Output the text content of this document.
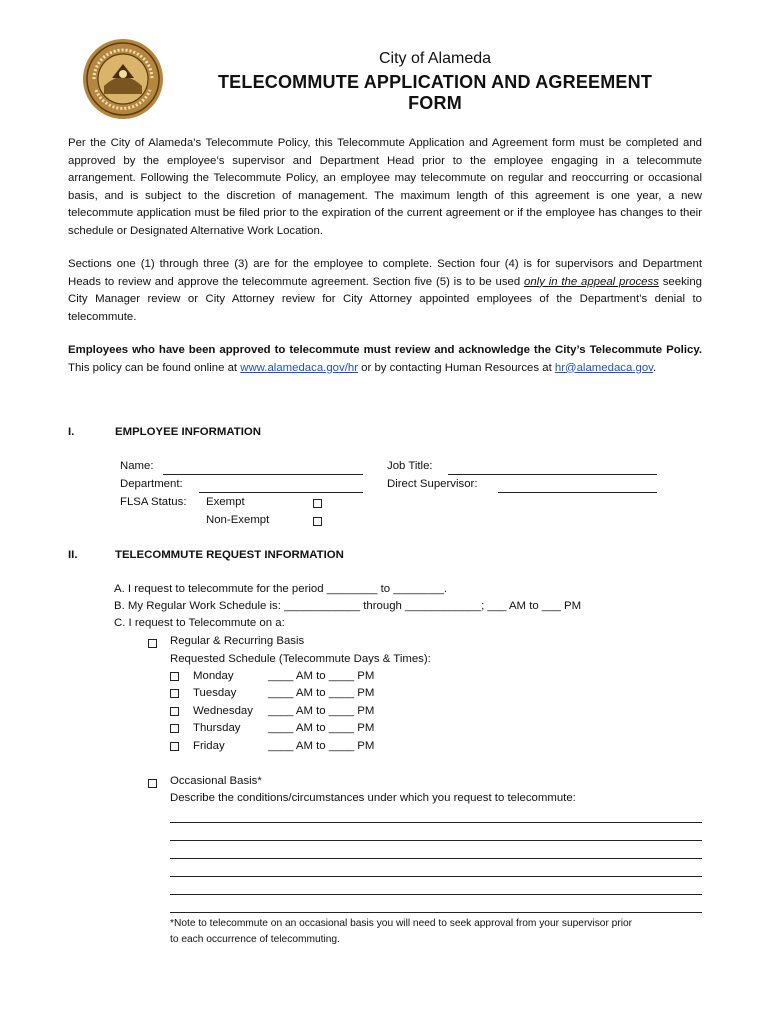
City of Alameda
TELECOMMUTE APPLICATION AND AGREEMENT FORM

Per the City of Alameda’s Telecommute Policy, this Telecommute Application and Agreement form must be completed and approved by the employee’s supervisor and Department Head prior to the employee engaging in a telecommute arrangement. Following the Telecommute Policy, an employee may telecommute on regular and reoccurring or occasional basis, and is subject to the discretion of management. The maximum length of this agreement is one year, a new telecommute application must be filed prior to the expiration of the current agreement or if the employee has changes to their schedule or Designated Alternative Work Location.

Sections one (1) through three (3) are for the employee to complete. Section four (4) is for supervisors and Department Heads to review and approve the telecommute agreement. Section five (5) is to be used only in the appeal process seeking City Manager review or City Attorney review for City Attorney appointed employees of the Department’s denial to telecommute.

Employees who have been approved to telecommute must review and acknowledge the City’s Telecommute Policy. This policy can be found online at www.alamedaca.gov/hr or by contacting Human Resources at hr@alamedaca.gov.

I.	EMPLOYEE INFORMATION
Name:	Job Title:
Department:	Direct Supervisor:
FLSA Status: Exempt
Non-Exempt
II.	TELECOMMUTE REQUEST INFORMATION
A. I request to telecommute for the period ________ to ________.
B. My Regular Work Schedule is: ____________ through ____________; ___ AM to ___ PM
C. I request to Telecommute on a:
Regular & Recurring Basis
Requested Schedule (Telecommute Days & Times):
Monday	____ AM to ____ PM
Tuesday	____ AM to ____ PM
Wednesday ____ AM to ____ PM
Thursday ____ AM to ____ PM
Friday	____ AM to ____ PM
Occasional Basis*
Describe the conditions/circumstances under which you request to telecommute:
*Note to telecommute on an occasional basis you will need to seek approval from your supervisor prior
to each occurrence of telecommuting.
